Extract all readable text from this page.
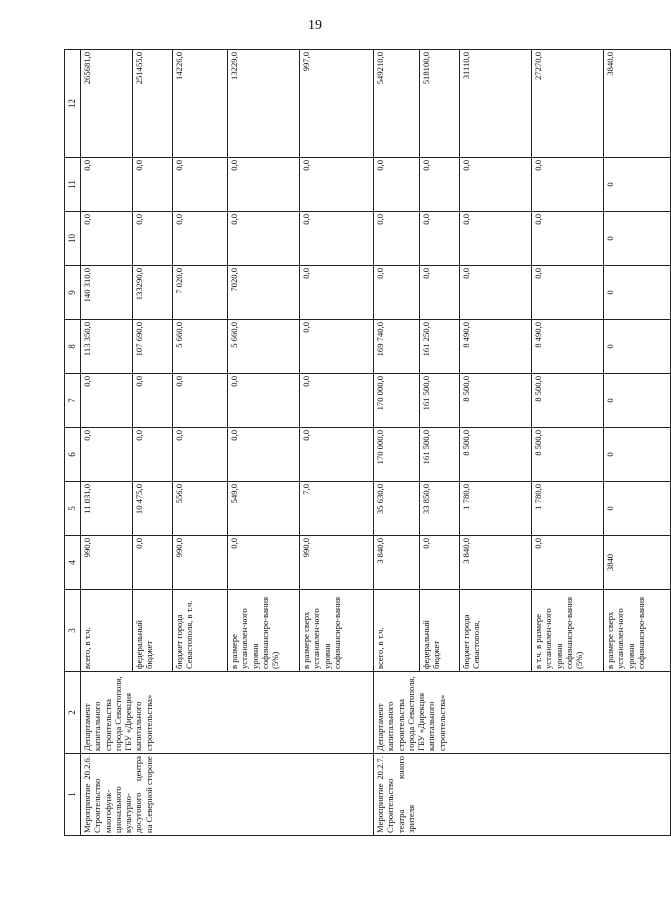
19
1	2	3	4	5	6	7	8	9	10	11	12
Мероприятие 20.2.6. Строительство многофунк-ционального культурно-досугового центра на Северной стороне	Департамент капитального строительства города Севастополя, ГБУ «Дирекция капитального строительства»	всего, в т.ч.	990,0	11 031,0	0,0	0,0	113 350,0	140 310,0	0,0	0,0	265681,0
		федеральный бюджет	0,0	10 475,0	0,0	0,0	107 690,0	133290,0	0,0	0,0	251455,0
		бюджет города Севастополя, в т.ч.	990,0	556,0	0,0	0,0	5 660,0	7 020,0	0,0	0,0	14226,0
		в размере установлен-ного уровня софинансиро-вания (5%)	0,0	549,0	0,0	0,0	5 660,0	7020,0	0,0	0,0	13229,0
		в размере сверх установлен-ного уровня софинансиро-вания	990,0	7,0	0,0	0,0	0,0	0,0	0,0	0,0	997,0
Мероприятие 20.2.7. Строительство театра юного зрителя	Департамент капитального строительства города Севастополя, ГБУ «Дирекция капитального строительства»	всего, в т.ч.	3 840,0	35 630,0	170 000,0	170 000,0	169 740,0	0,0	0,0	0,0	549210,0
		федеральный бюджет	0,0	33 850,0	161 500,0	161 500,0	161 250,0	0,0	0,0	0,0	518100,0
		бюджет города Севастополя,	3 840,0	1 780,0	8 500,0	8 500,0	8 490,0	0,0	0,0	0,0	31110,0
		в т.ч. в размере установлен-ного уровня софинансиро-вания (5%)	0,0	1 780,0	8 500,0	8 500,0	8 490,0	0,0	0,0	0,0	27270,0
		в размере сверх установлен-ного уровня софинансиро-вания	3840	0	0	0	0	0	0	0	3840,0
